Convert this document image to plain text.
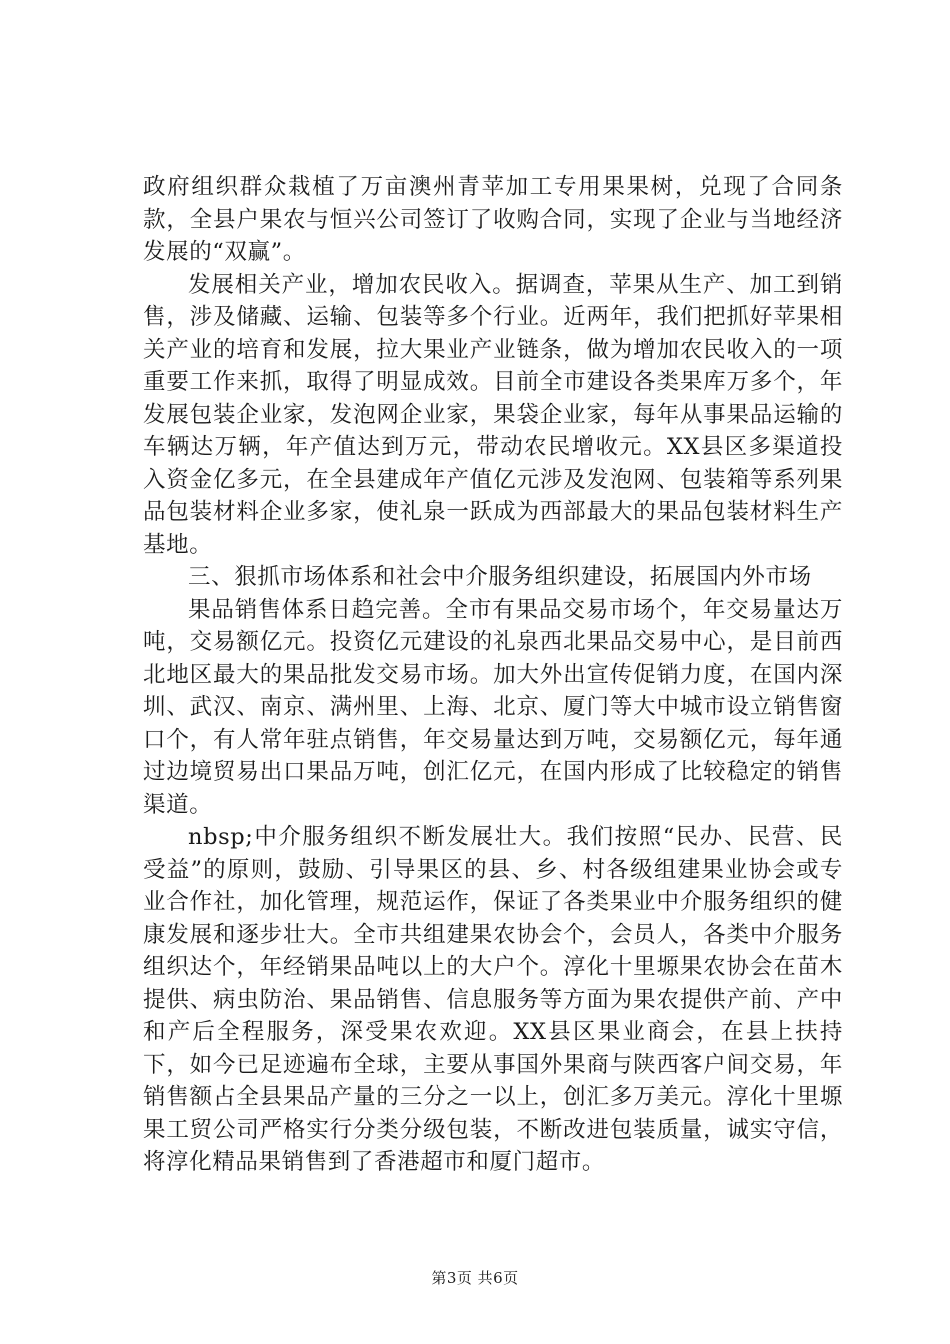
政府组织群众栽植了万亩澳州青苹加工专用果果树，兑现了合同条款，全县户果农与恒兴公司签订了收购合同，实现了企业与当地经济发展的“双赢”。

发展相关产业，增加农民收入。据调查，苹果从生产、加工到销售，涉及储藏、运输、包装等多个行业。近两年，我们把抓好苹果相关产业的培育和发展，拉大果业产业链条，做为增加农民收入的一项重要工作来抓，取得了明显成效。目前全市建设各类果库万多个，年发展包装企业家，发泡网企业家，果袋企业家，每年从事果品运输的车辆达万辆，年产值达到万元，带动农民增收元。XX县区多渠道投入资金亿多元，在全县建成年产值亿元涉及发泡网、包装箱等系列果品包装材料企业多家，使礼泉一跃成为西部最大的果品包装材料生产基地。

三、狠抓市场体系和社会中介服务组织建设，拓展国内外市场

果品销售体系日趋完善。全市有果品交易市场个，年交易量达万吨，交易额亿元。投资亿元建设的礼泉西北果品交易中心，是目前西北地区最大的果品批发交易市场。加大外出宣传促销力度，在国内深圳、武汉、南京、满州里、上海、北京、厦门等大中城市设立销售窗口个，有人常年驻点销售，年交易量达到万吨，交易额亿元，每年通过边境贸易出口果品万吨，创汇亿元，在国内形成了比较稳定的销售渠道。

nbsp;中介服务组织不断发展壮大。我们按照“民办、民营、民受益”的原则，鼓励、引导果区的县、乡、村各级组建果业协会或专业合作社，加化管理，规范运作，保证了各类果业中介服务组织的健康发展和逐步壮大。全市共组建果农协会个，会员人，各类中介服务组织达个，年经销果品吨以上的大户个。淳化十里塬果农协会在苗木提供、病虫防治、果品销售、信息服务等方面为果农提供产前、产中和产后全程服务，深受果农欢迎。XX县区果业商会，在县上扶持下，如今已足迹遍布全球，主要从事国外果商与陕西客户间交易，年销售额占全县果品产量的三分之一以上，创汇多万美元。淳化十里塬果工贸公司严格实行分类分级包装，不断改进包装质量，诚实守信，将淳化精品果销售到了香港超市和厦门超市。

第3页 共6页
